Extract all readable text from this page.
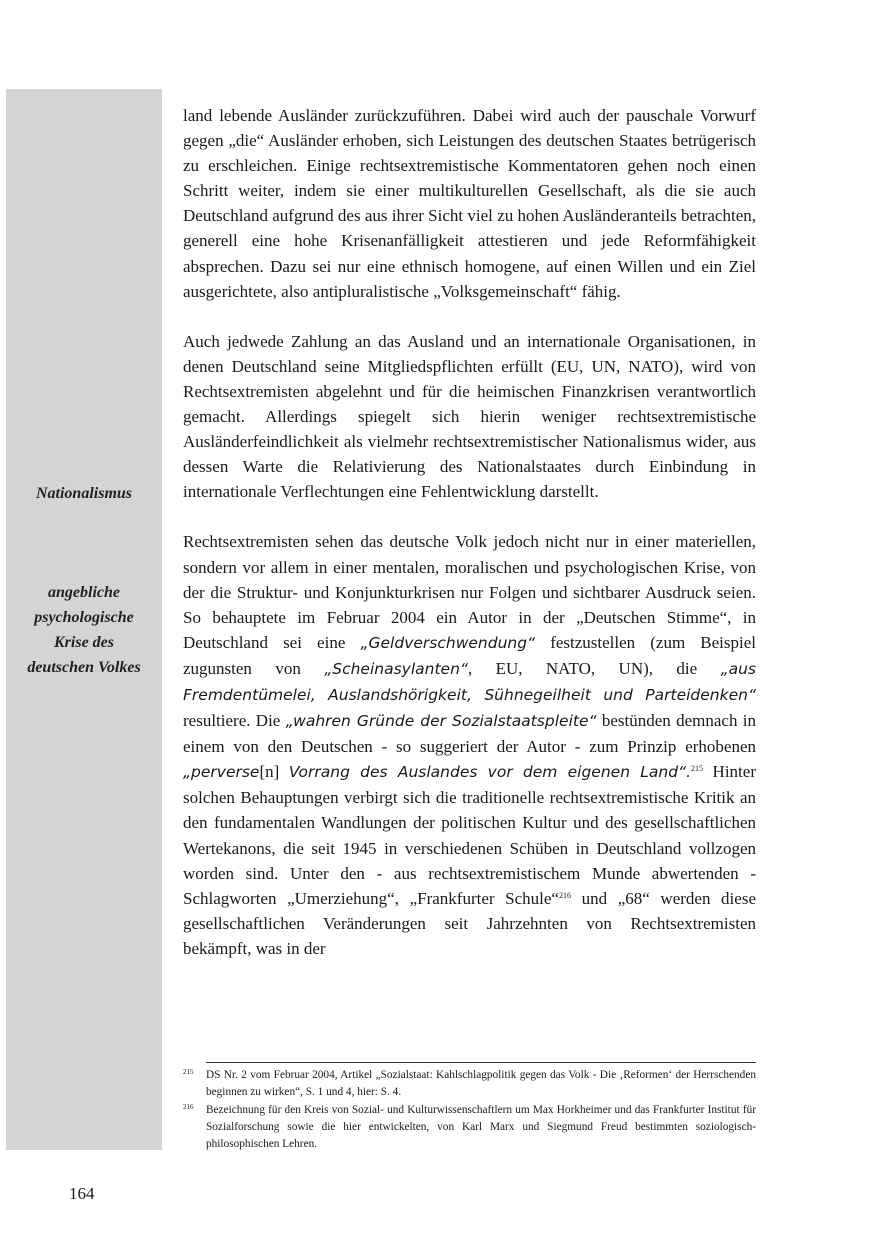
Nationalismus
angebliche
psychologische
Krise des
deutschen Volkes

land lebende Ausländer zurückzuführen. Dabei wird auch der pauschale Vorwurf gegen „die“ Ausländer erhoben, sich Leistungen des deutschen Staates betrügerisch zu erschleichen. Einige rechtsextremistische Kommentatoren gehen noch einen Schritt weiter, indem sie einer multikulturellen Gesellschaft, als die sie auch Deutschland aufgrund des aus ihrer Sicht viel zu hohen Ausländeranteils betrachten, generell eine hohe Krisenanfälligkeit attestieren und jede Reformfähigkeit absprechen. Dazu sei nur eine ethnisch homogene, auf einen Willen und ein Ziel ausgerichtete, also antipluralistische „Volksgemeinschaft“ fähig.

Auch jedwede Zahlung an das Ausland und an internationale Organisationen, in denen Deutschland seine Mitgliedspflichten erfüllt (EU, UN, NATO), wird von Rechtsextremisten abgelehnt und für die heimischen Finanzkrisen verantwortlich gemacht. Allerdings spiegelt sich hierin weniger rechtsextremistische Ausländerfeindlichkeit als vielmehr rechtsextremistischer Nationalismus wider, aus dessen Warte die Relativierung des Nationalstaates durch Einbindung in internationale Verflechtungen eine Fehlentwicklung darstellt.

Rechtsextremisten sehen das deutsche Volk jedoch nicht nur in einer materiellen, sondern vor allem in einer mentalen, moralischen und psychologischen Krise, von der die Struktur- und Konjunkturkrisen nur Folgen und sichtbarer Ausdruck seien. So behauptete im Februar 2004 ein Autor in der „Deutschen Stimme“, in Deutschland sei eine „Geldverschwendung“ festzustellen (zum Beispiel zugunsten von „Scheinasylanten“, EU, NATO, UN), die „aus Fremdentümelei, Auslandshörigkeit, Sühnegeilheit und Parteidenken“ resultiere. Die „wahren Gründe der Sozialstaatspleite“ bestünden demnach in einem von den Deutschen - so suggeriert der Autor - zum Prinzip erhobenen „perverse[n] Vorrang des Auslandes vor dem eigenen Land“.$^{215}$ Hinter solchen Behauptungen verbirgt sich die traditionelle rechtsextremistische Kritik an den fundamentalen Wandlungen der politischen Kultur und des gesellschaftlichen Wertekanons, die seit 1945 in verschiedenen Schüben in Deutschland vollzogen worden sind. Unter den - aus rechtsextremistischem Munde abwertenden - Schlagworten „Umerziehung“, „Frankfurter Schule“$^{216}$ und „68“ werden diese gesellschaftlichen Veränderungen seit Jahrzehnten von Rechtsextremisten bekämpft, was in der

215 DS Nr. 2 vom Februar 2004, Artikel „Sozialstaat: Kahlschlagpolitik gegen das Volk - Die ‚Reformen‘ der Herrschenden beginnen zu wirken“, S. 1 und 4, hier: S. 4.
216 Bezeichnung für den Kreis von Sozial- und Kulturwissenschaftlern um Max Horkheimer und das Frankfurter Institut für Sozialforschung sowie die hier entwickelten, von Karl Marx und Siegmund Freud bestimmten soziologisch-philosophischen Lehren.
164
